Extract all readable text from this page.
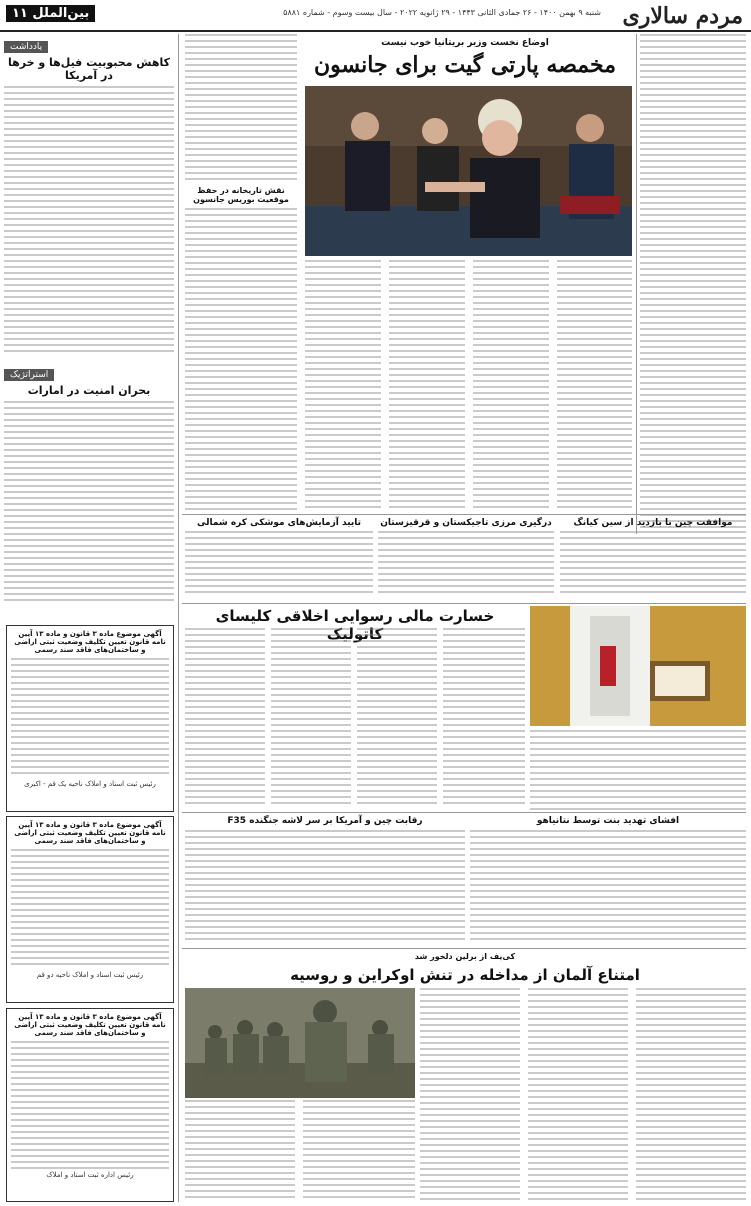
مردم سالاری
شنبه ۹ بهمن ۱۴۰۰ - ۲۶ جمادی الثانی ۱۴۴۳ - ۲۹ ژانویه ۲۰۲۲ - سال بیست وسوم - شماره ۵۸۸۱
بین‌الملل ۱۱
اوضاع نخست وزیر بریتانیا خوب نیست
مخمصه پارتی گیت برای جانسون
نقش تاریخانه در حفظ موقعیت بوریس جانسون
یادداشت
کاهش محبوبیت فیل‌ها و خرها در آمریکا
استراتژیک
بحران امنیت در امارات
آگهی موضوع ماده ۳ قانون و ماده ۱۳ آیین نامه قانون تعیین تکلیف وضعیت ثبتی اراضی و ساختمان‌های فاقد سند رسمی
رئیس ثبت اسناد و املاک ناحیه یک قم - اکبری
آگهی موضوع ماده ۳ قانون و ماده ۱۳ آیین نامه قانون تعیین تکلیف وضعیت ثبتی اراضی و ساختمان‌های فاقد سند رسمی
رئیس ثبت اسناد و املاک ناحیه دو قم
آگهی موضوع ماده ۳ قانون و ماده ۱۳ آیین نامه قانون تعیین تکلیف وضعیت ثبتی اراضی و ساختمان‌های فاقد سند رسمی
رئیس اداره ثبت اسناد و املاک
موافقت چین با بازدید از سین کیانگ
درگیری مرزی تاجیکستان و قرقیزستان
تایید آزمایش‌های موشکی کره شمالی
خسارت مالی رسوایی اخلاقی کلیسای کاتولیک
افشای تهدید بنت توسط نتانیاهو
رقابت چین و آمریکا بر سر لاشه جنگنده F35
کی‌یف از برلین دلخور شد
امتناع آلمان از مداخله در تنش اوکراین و روسیه
